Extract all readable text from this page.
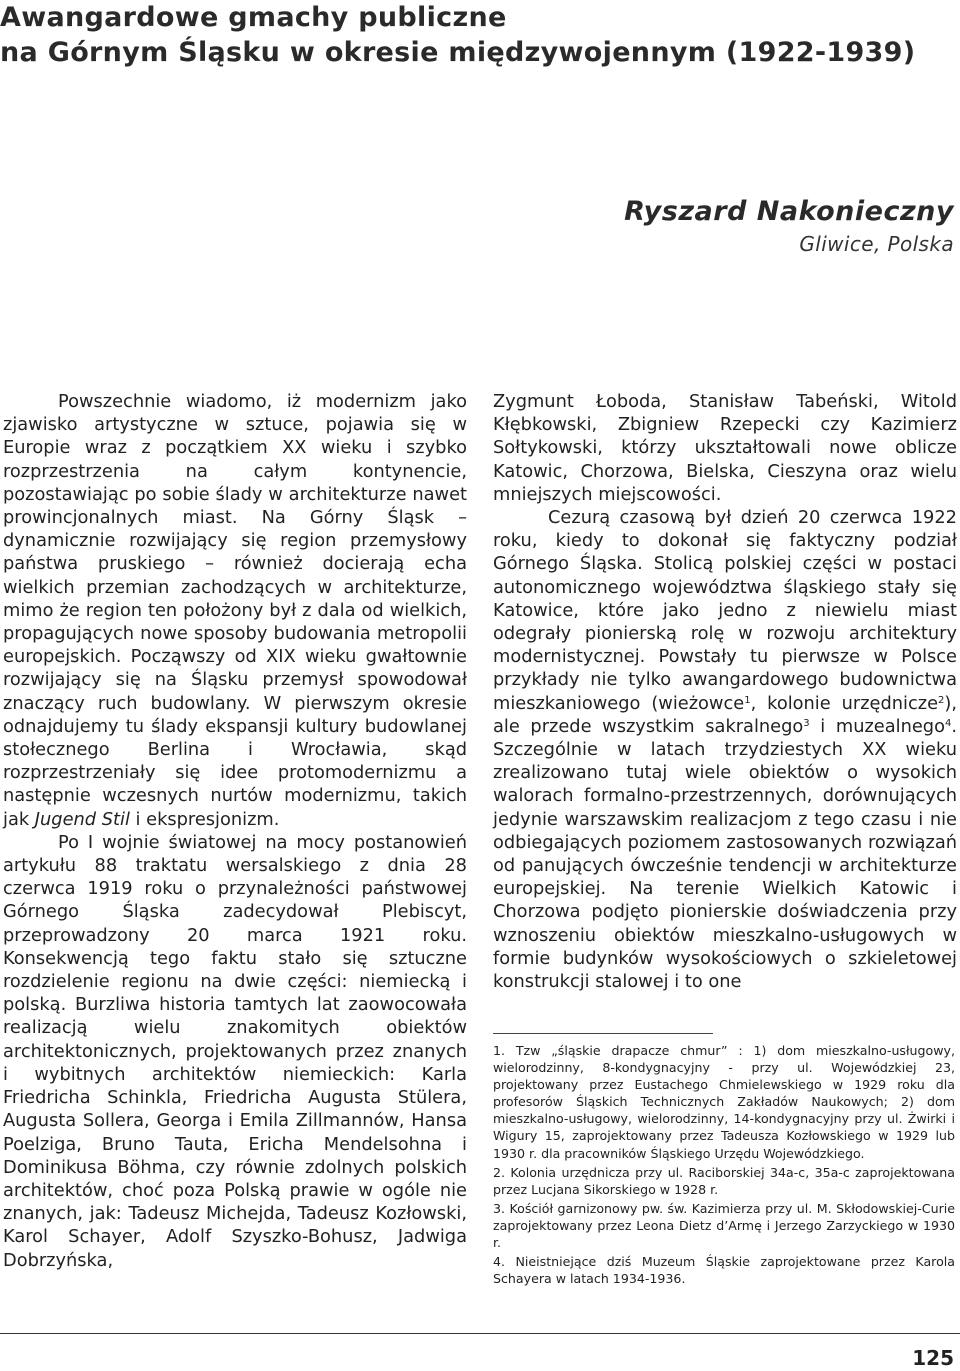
Awangardowe gmachy publiczne
na Górnym Śląsku w okresie międzywojennym (1922-1939)
Ryszard Nakonieczny
Gliwice, Polska

Powszechnie wiadomo, iż modernizm jako zjawisko artystyczne w sztuce, pojawia się w Europie wraz z początkiem XX wieku i szybko rozprzestrzenia na całym kontynencie, pozostawiając po sobie ślady w architekturze nawet prowincjonalnych miast. Na Górny Śląsk – dynamicznie rozwijający się region przemysłowy państwa pruskiego – również docierają echa wielkich przemian zachodzących w architekturze, mimo że region ten położony był z dala od wielkich, propagujących nowe sposoby budowania metropolii europejskich. Począwszy od XIX wieku gwałtownie rozwijający się na Śląsku przemysł spowodował znaczący ruch budowlany. W pierwszym okresie odnajdujemy tu ślady ekspansji kultury budowlanej stołecznego Berlina i Wrocławia, skąd rozprzestrzeniały się idee protomodernizmu a następnie wczesnych nurtów modernizmu, takich jak Jugend Stil i ekspresjonizm.

Po I wojnie światowej na mocy postanowień artykułu 88 traktatu wersalskiego z dnia 28 czerwca 1919 roku o przynależności państwowej Górnego Śląska zadecydował Plebiscyt, przeprowadzony 20 marca 1921 roku. Konsekwencją tego faktu stało się sztuczne rozdzielenie regionu na dwie części: niemiecką i polską. Burzliwa historia tamtych lat zaowocowała realizacją wielu znakomitych obiektów architektonicznych, projektowanych przez znanych i wybitnych architektów niemieckich: Karla Friedricha Schinkla, Friedricha Augusta Stülera, Augusta Sollera, Georga i Emila Zillmannów, Hansa Poelziga, Bruno Tauta, Ericha Mendelsohna i Dominikusa Böhma, czy równie zdolnych polskich architektów, choć poza Polską prawie w ogóle nie znanych, jak: Tadeusz Michejda, Tadeusz Kozłowski, Karol Schayer, Adolf Szyszko-Bohusz, Jadwiga Dobrzyńska,

Zygmunt Łoboda, Stanisław Tabeński, Witold Kłębkowski, Zbigniew Rzepecki czy Kazimierz Sołtykowski, którzy ukształtowali nowe oblicze Katowic, Chorzowa, Bielska, Cieszyna oraz wielu mniejszych miejscowości.

Cezurą czasową był dzień 20 czerwca 1922 roku, kiedy to dokonał się faktyczny podział Górnego Śląska. Stolicą polskiej części w postaci autonomicznego województwa śląskiego stały się Katowice, które jako jedno z niewielu miast odegrały pionierską rolę w rozwoju architektury modernistycznej. Powstały tu pierwsze w Polsce przykłady nie tylko awangardowego budownictwa mieszkaniowego (wieżowce$^1$, kolonie urzędnicze$^2$), ale przede wszystkim sakralnego$^3$ i muzealnego$^4$. Szczególnie w latach trzydziestych XX wieku zrealizowano tutaj wiele obiektów o wysokich walorach formalno-przestrzennych, dorównujących jedynie warszawskim realizacjom z tego czasu i nie odbiegających poziomem zastosowanych rozwiązań od panujących ówcześnie tendencji w architekturze europejskiej. Na terenie Wielkich Katowic i Chorzowa podjęto pionierskie doświadczenia przy wznoszeniu obiektów mieszkalno-usługowych w formie budynków wysokościowych o szkieletowej konstrukcji stalowej i to one

1. Tzw „śląskie drapacze chmur” : 1) dom mieszkalno-usługowy, wielorodzinny, 8-kondygnacyjny - przy ul. Wojewódzkiej 23, projektowany przez Eustachego Chmielewskiego w 1929 roku dla profesorów Śląskich Technicznych Zakładów Naukowych; 2) dom mieszkalno-usługowy, wielorodzinny, 14-kondygnacyjny przy ul. Żwirki i Wigury 15, zaprojektowany przez Tadeusza Kozłowskiego w 1929 lub 1930 r. dla pracowników Śląskiego Urzędu Wojewódzkiego.

2. Kolonia urzędnicza przy ul. Raciborskiej 34a-c, 35a-c zaprojektowana przez Lucjana Sikorskiego w 1928 r.

3. Kościół garnizonowy pw. św. Kazimierza przy ul. M. Skłodowskiej-Curie zaprojektowany przez Leona Dietz d’Armę i Jerzego Zarzyckiego w 1930 r.

4. Nieistniejące dziś Muzeum Śląskie zaprojektowane przez Karola Schayera w latach 1934-1936.

125
